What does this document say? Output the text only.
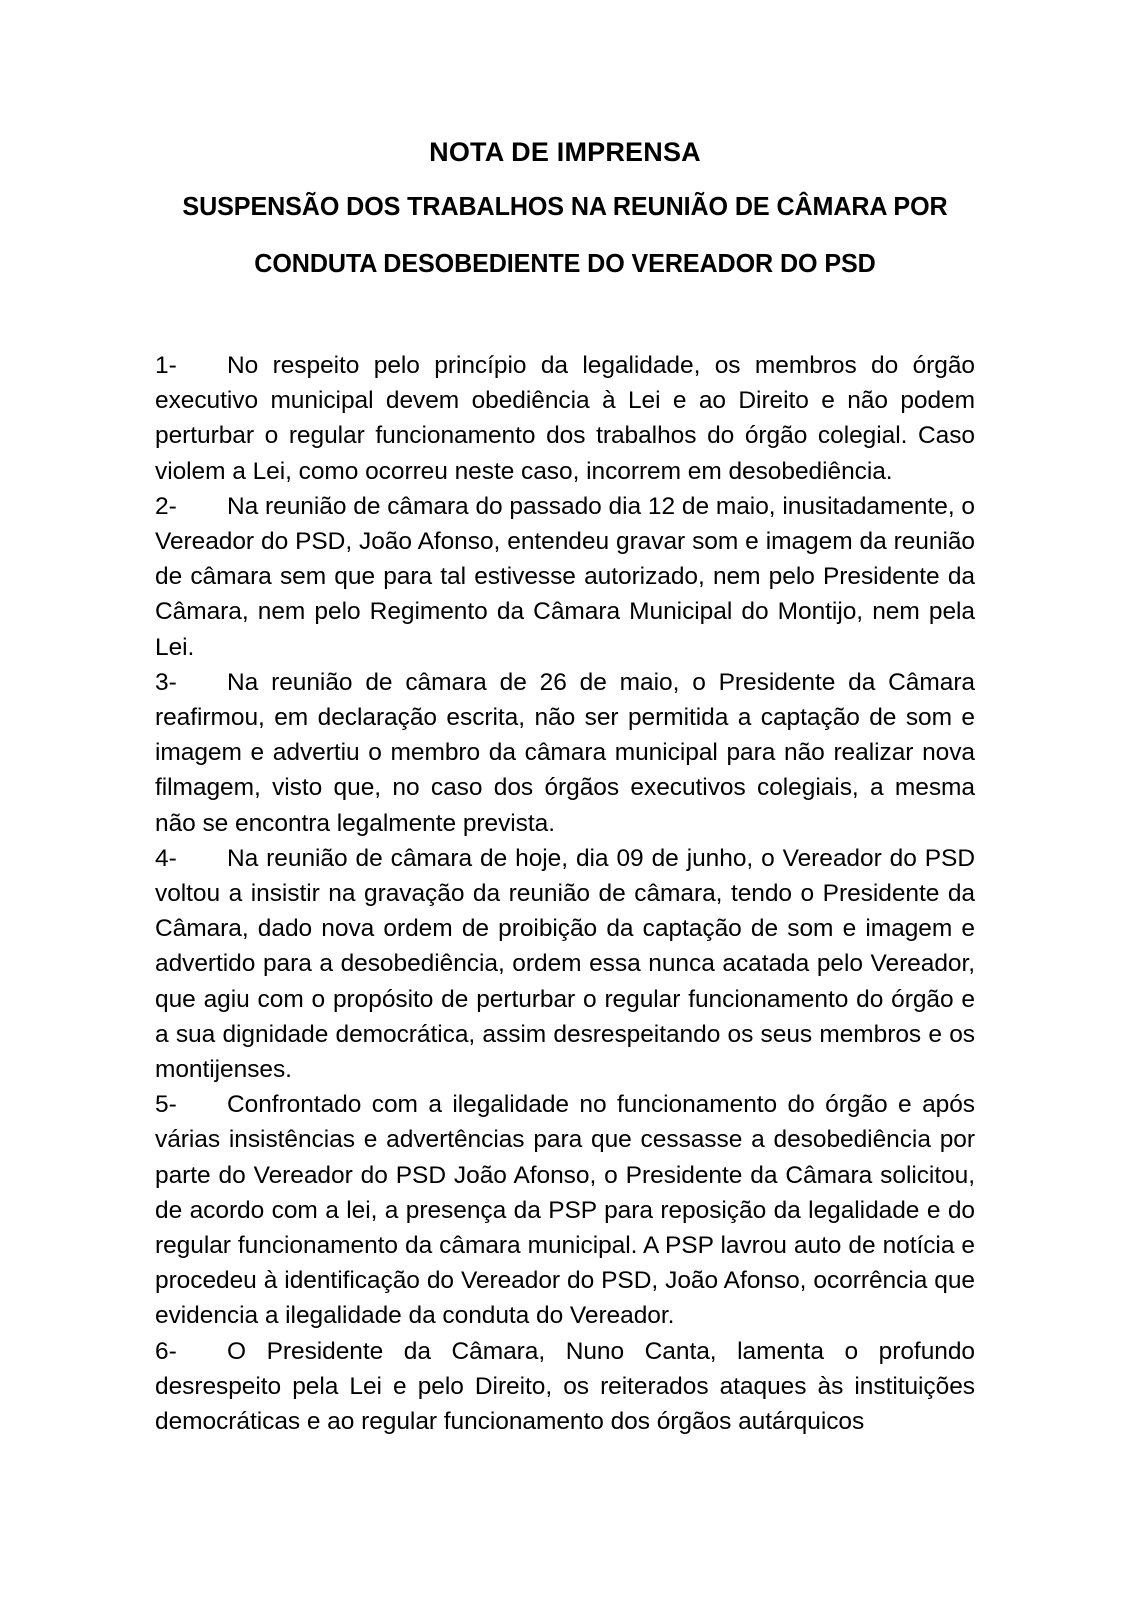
NOTA DE IMPRENSA
SUSPENSÃO DOS TRABALHOS NA REUNIÃO DE CÂMARA POR
CONDUTA DESOBEDIENTE DO VEREADOR DO PSD

1- No respeito pelo princípio da legalidade, os membros do órgão executivo municipal devem obediência à Lei e ao Direito e não podem perturbar o regular funcionamento dos trabalhos do órgão colegial. Caso violem a Lei, como ocorreu neste caso, incorrem em desobediência.

2- Na reunião de câmara do passado dia 12 de maio, inusitadamente, o Vereador do PSD, João Afonso, entendeu gravar som e imagem da reunião de câmara sem que para tal estivesse autorizado, nem pelo Presidente da Câmara, nem pelo Regimento da Câmara Municipal do Montijo, nem pela Lei.

3- Na reunião de câmara de 26 de maio, o Presidente da Câmara reafirmou, em declaração escrita, não ser permitida a captação de som e imagem e advertiu o membro da câmara municipal para não realizar nova filmagem, visto que, no caso dos órgãos executivos colegiais, a mesma não se encontra legalmente prevista.

4- Na reunião de câmara de hoje, dia 09 de junho, o Vereador do PSD voltou a insistir na gravação da reunião de câmara, tendo o Presidente da Câmara, dado nova ordem de proibição da captação de som e imagem e advertido para a desobediência, ordem essa nunca acatada pelo Vereador, que agiu com o propósito de perturbar o regular funcionamento do órgão e a sua dignidade democrática, assim desrespeitando os seus membros e os montijenses.

5- Confrontado com a ilegalidade no funcionamento do órgão e após várias insistências e advertências para que cessasse a desobediência por parte do Vereador do PSD João Afonso, o Presidente da Câmara solicitou, de acordo com a lei, a presença da PSP para reposição da legalidade e do regular funcionamento da câmara municipal. A PSP lavrou auto de notícia e procedeu à identificação do Vereador do PSD, João Afonso, ocorrência que evidencia a ilegalidade da conduta do Vereador.

6- O Presidente da Câmara, Nuno Canta, lamenta o profundo desrespeito pela Lei e pelo Direito, os reiterados ataques às instituições democráticas e ao regular funcionamento dos órgãos autárquicos
